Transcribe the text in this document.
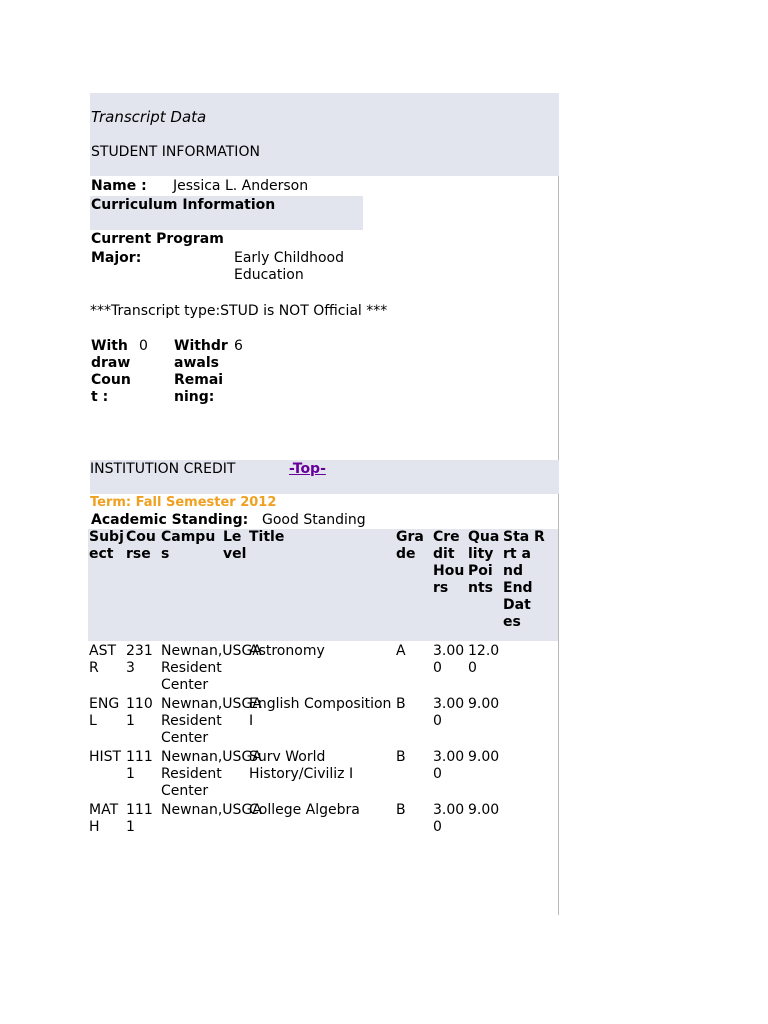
Transcript Data
STUDENT INFORMATION
Name : Jessica L. Anderson
Curriculum Information
Current Program
Major:	Early Childhood Education
***Transcript type:STUD is NOT Official ***
Withdraw Count :
0 Withdrawals Remaining:
6
INSTITUTION CREDIT	-Top-
Term: Fall Semester 2012
Academic Standing: Good Standing
Subject	Course	Campus	Level	Title	Grade	Credit Hours	Quality Points	Start and End Dates	R
ASTR	2313	Newnan,USGA Resident Center		Astronomy	A	3.000	12.00		
ENGL	1101	Newnan,USGA Resident Center		English Composition I	B	3.000	9.00		
HIST	1111	Newnan,USGA Resident Center		Surv World History/Civiliz I	B	3.000	9.00		
MATH	1111	Newnan,USGA		College Algebra	B	3.000	9.00		
